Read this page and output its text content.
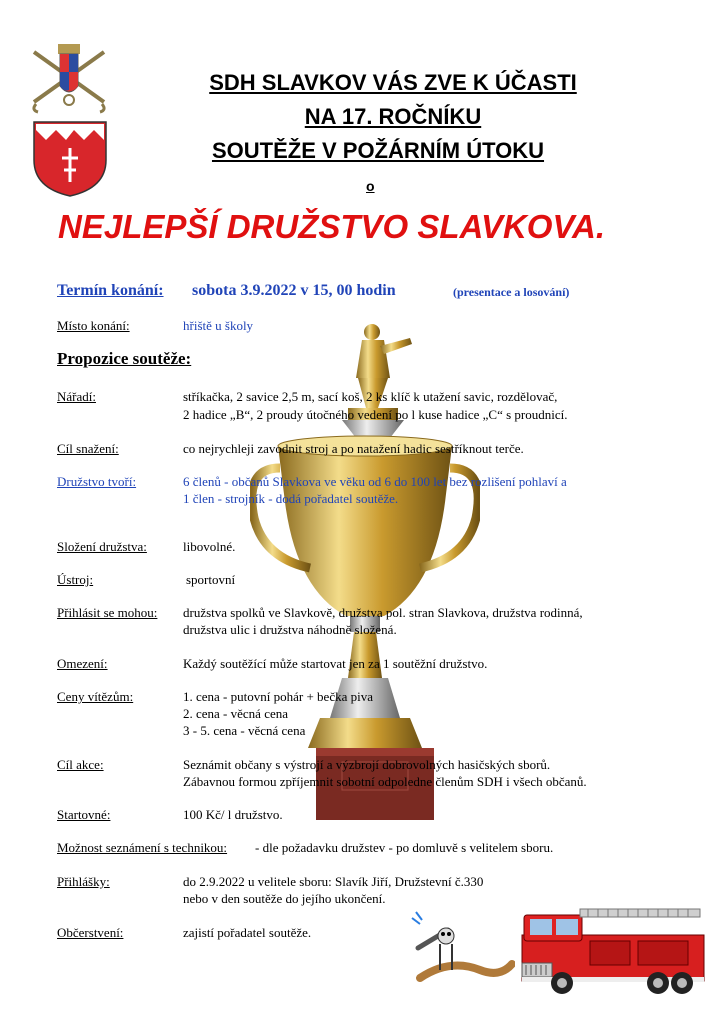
SDH SLAVKOV VÁS ZVE K ÚČASTI
NA 17. ROČNÍKU
SOUTĚŽE V POŽÁRNÍM ÚTOKU
o
NEJLEPŠÍ DRUŽSTVO SLAVKOVA.
Termín konání: sobota 3.9.2022 v 15, 00 hodin	(presentace a losování)
Místo konání:	hřiště u školy
Propozice soutěže:
Nářadí:	stříkačka, 2 savice 2,5 m, sací koš, 2 ks klíč k utažení savic, rozdělovač,
2 hadice „B“, 2 proudy útočného vedení po l kuse hadice „C“ s proudnicí.
Cíl snažení:	co nejrychleji zavodnit stroj a po natažení hadic sestříknout terče.
Družstvo tvoří:	6 členů - občanů Slavkova ve věku od 6 do 100 let bez rozlišení pohlaví a
1 člen - strojník - dodá pořadatel soutěže.
Složení družstva:	libovolné.
Ústroj:	sportovní
Přihlásit se mohou: družstva spolků ve Slavkově, družstva pol. stran Slavkova, družstva rodinná,
družstva ulic i družstva náhodně složená.
Omezení:	Každý soutěžící může startovat jen za 1 soutěžní družstvo.
Ceny vítězům:	1. cena - putovní pohár + bečka piva
2. cena - věcná cena
3 - 5. cena - věcná cena
Cíl akce:	Seznámit občany s výstrojí a výzbrojí dobrovolných hasičských sborů.
Zábavnou formou zpříjemnit sobotní odpoledne členům SDH i všech občanů.
Startovné:	100 Kč/ l družstvo.
Možnost seznámení s technikou: - dle požadavku družstev - po domluvě s velitelem sboru.
Přihlášky:	do 2.9.2022 u velitele sboru: Slavík Jiří, Družstevní č.330
nebo v den soutěže do jejího ukončení.
Občerstvení:	zajistí pořadatel soutěže.
